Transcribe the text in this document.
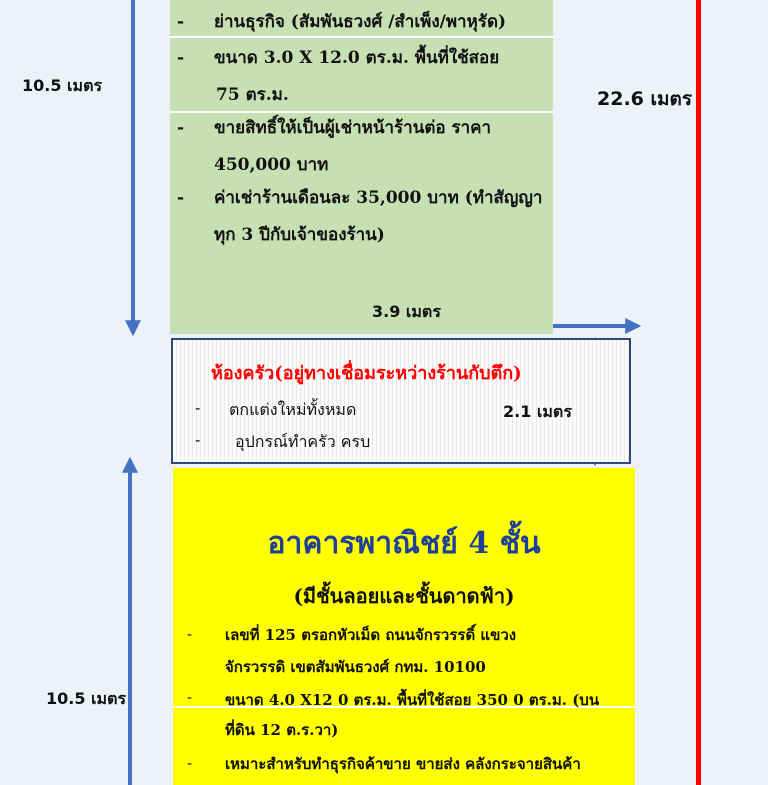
- ย่านธุรกิจ (สัมพันธวงศ์ /สำเพ็ง/พาหุรัด)
- ขนาด 3.0 X 12.0 ตร.ม. พื้นที่ใช้สอย
75 ตร.ม.
- ขายสิทธิ์ให้เป็นผู้เช่าหน้าร้านต่อ ราคา
450,000 บาท
- ค่าเช่าร้านเดือนละ 35,000 บาท (ทำสัญญา
ทุก 3 ปีกับเจ้าของร้าน)
10.5 เมตร
22.6 เมตร
3.9 เมตร
ห้องครัว(อยู่ทางเชื่อมระหว่างร้านกับตึก)
- ตกแต่งใหม่ทั้งหมด
- อุปกรณ์ทำครัว ครบ
2.1 เมตร
อาคารพาณิชย์ 4 ชั้น
(มีชั้นลอยและชั้นดาดฟ้า)
- เลขที่ 125 ตรอกหัวเม็ด ถนนจักรวรรดิ์ แขวง
จักรวรรดิ เขตสัมพันธวงศ์ กทม. 10100
- ขนาด 4.0 X12 0 ตร.ม. พื้นที่ใช้สอย 350 0 ตร.ม. (บน
ที่ดิน 12 ต.ร.วา)
- เหมาะสำหรับทำธุรกิจค้าขาย ขายส่ง คลังกระจายสินค้า
10.5 เมตร
